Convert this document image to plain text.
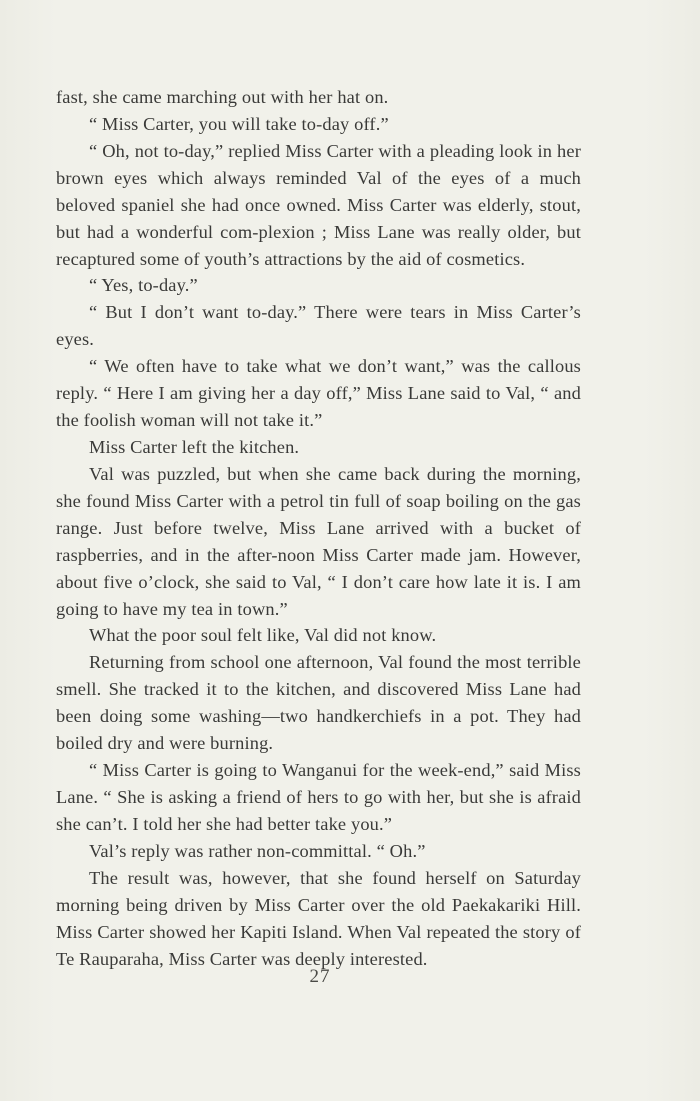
fast, she came marching out with her hat on.

“ Miss Carter, you will take to-day off.”

“ Oh, not to-day,” replied Miss Carter with a pleading look in her brown eyes which always reminded Val of the eyes of a much beloved spaniel she had once owned. Miss Carter was elderly, stout, but had a wonderful com-plexion ; Miss Lane was really older, but recaptured some of youth’s attractions by the aid of cosmetics.

“ Yes, to-day.”

“ But I don’t want to-day.” There were tears in Miss Carter’s eyes.

“ We often have to take what we don’t want,” was the callous reply. “ Here I am giving her a day off,” Miss Lane said to Val, “ and the foolish woman will not take it.”

Miss Carter left the kitchen.

Val was puzzled, but when she came back during the morning, she found Miss Carter with a petrol tin full of soap boiling on the gas range. Just before twelve, Miss Lane arrived with a bucket of raspberries, and in the after-noon Miss Carter made jam. However, about five o’clock, she said to Val, “ I don’t care how late it is. I am going to have my tea in town.”

What the poor soul felt like, Val did not know.

Returning from school one afternoon, Val found the most terrible smell. She tracked it to the kitchen, and discovered Miss Lane had been doing some washing—two handkerchiefs in a pot. They had boiled dry and were burning.

“ Miss Carter is going to Wanganui for the week-end,” said Miss Lane. “ She is asking a friend of hers to go with her, but she is afraid she can’t. I told her she had better take you.”

Val’s reply was rather non-committal. “ Oh.”

The result was, however, that she found herself on Saturday morning being driven by Miss Carter over the old Paekakariki Hill. Miss Carter showed her Kapiti Island. When Val repeated the story of Te Rauparaha, Miss Carter was deeply interested.

27
